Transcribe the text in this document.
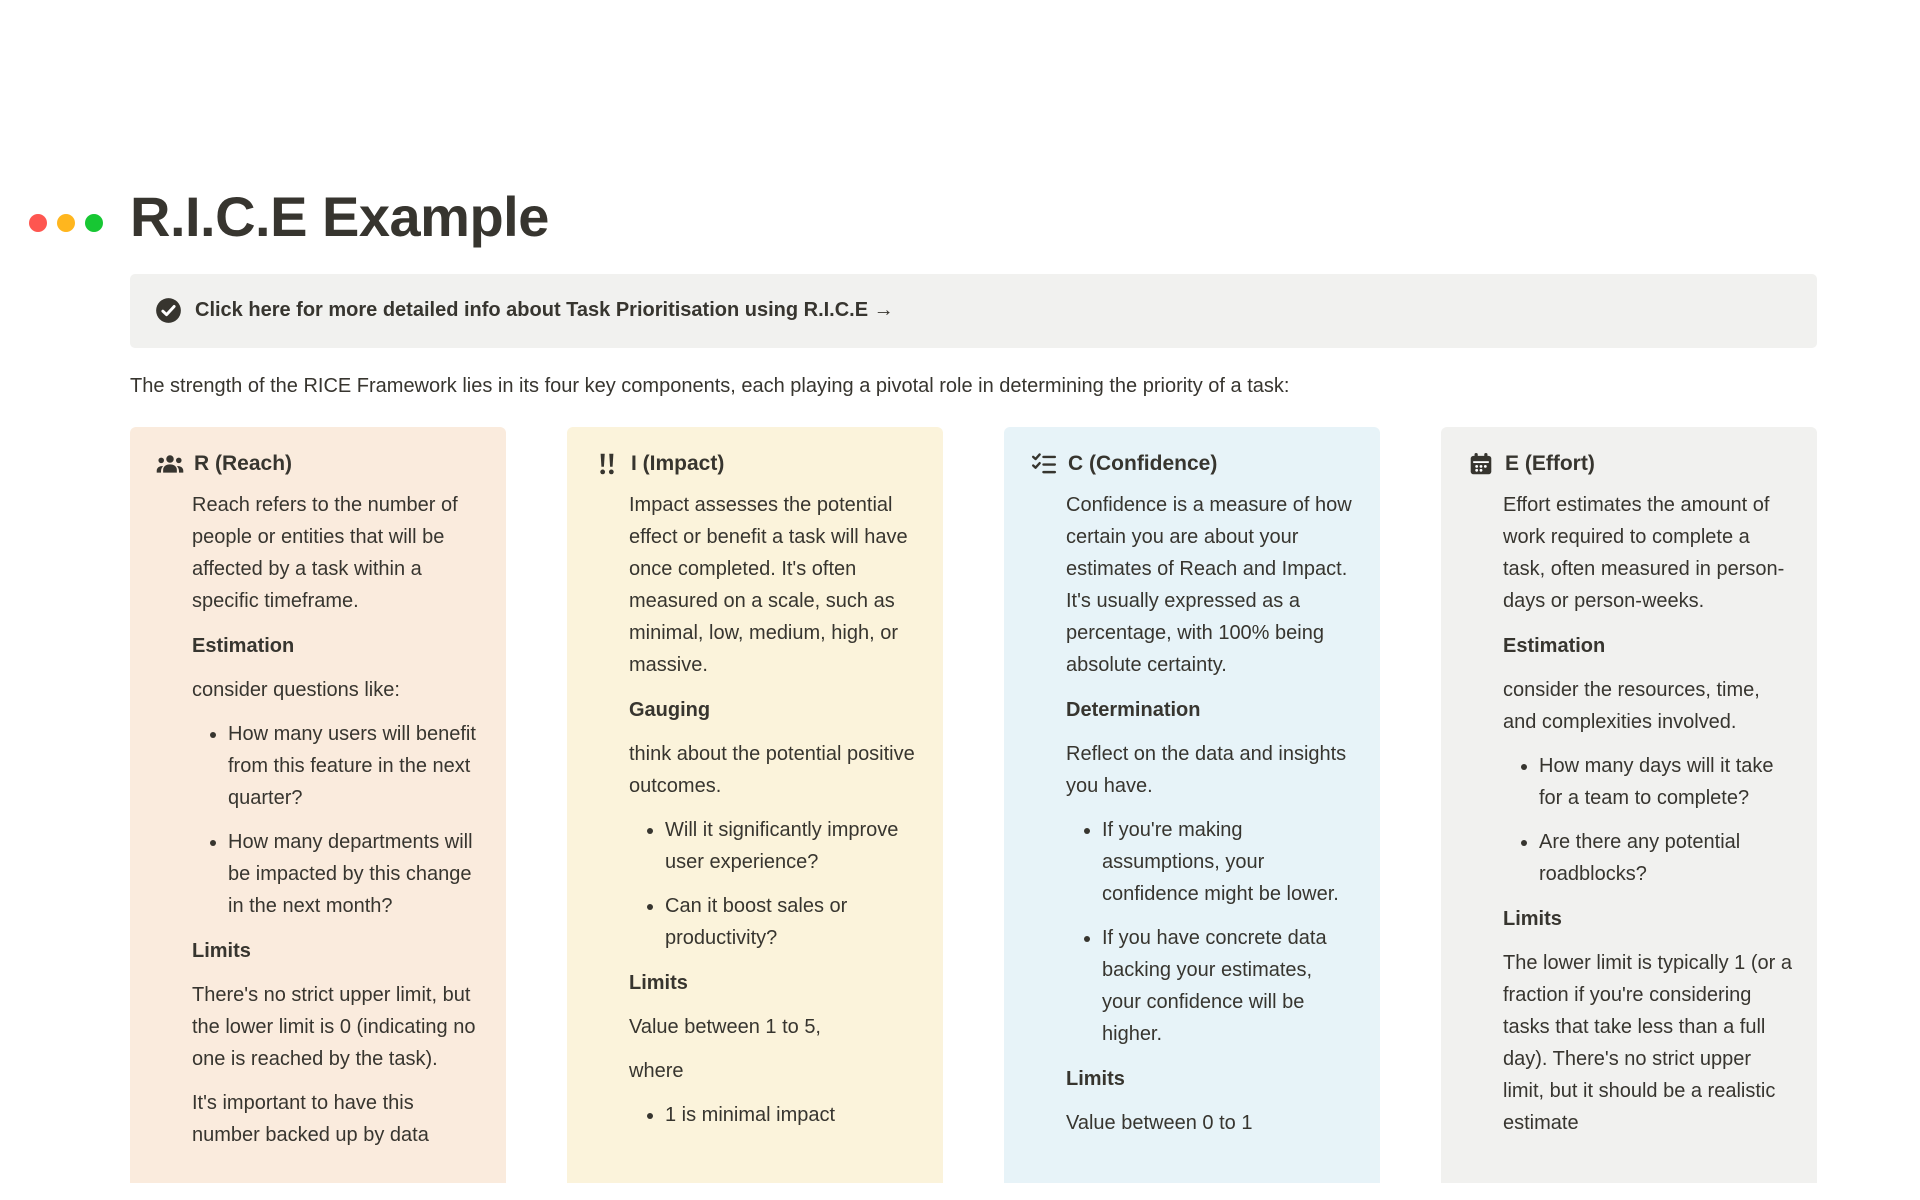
R.I.C.E Example
Click here for more detailed info about Task Prioritisation using R.I.C.E →

The strength of the RICE Framework lies in its four key components, each playing a pivotal role in determining the priority of a task:

R (Reach)

Reach refers to the number of people or entities that will be affected by a task within a specific timeframe.

Estimation

consider questions like:

• How many users will benefit from this feature in the next quarter?
• How many departments will be impacted by this change in the next month?

Limits

There's no strict upper limit, but the lower limit is 0 (indicating no one is reached by the task).

It's important to have this number backed up by data

I (Impact)

Impact assesses the potential effect or benefit a task will have once completed. It's often measured on a scale, such as minimal, low, medium, high, or massive.

Gauging

think about the potential positive outcomes.

• Will it significantly improve user experience?
• Can it boost sales or productivity?

Limits

Value between 1 to 5,

where

• 1 is minimal impact
C (Confidence)

Confidence is a measure of how certain you are about your estimates of Reach and Impact. It's usually expressed as a percentage, with 100% being absolute certainty.

Determination

Reflect on the data and insights you have.

• If you're making assumptions, your confidence might be lower.
• If you have concrete data backing your estimates, your confidence will be higher.

Limits

Value between 0 to 1

E (Effort)

Effort estimates the amount of work required to complete a task, often measured in person-days or person-weeks.

Estimation

consider the resources, time, and complexities involved.

• How many days will it take for a team to complete?
• Are there any potential roadblocks?

Limits

The lower limit is typically 1 (or a fraction if you're considering tasks that take less than a full day). There's no strict upper limit, but it should be a realistic estimate
